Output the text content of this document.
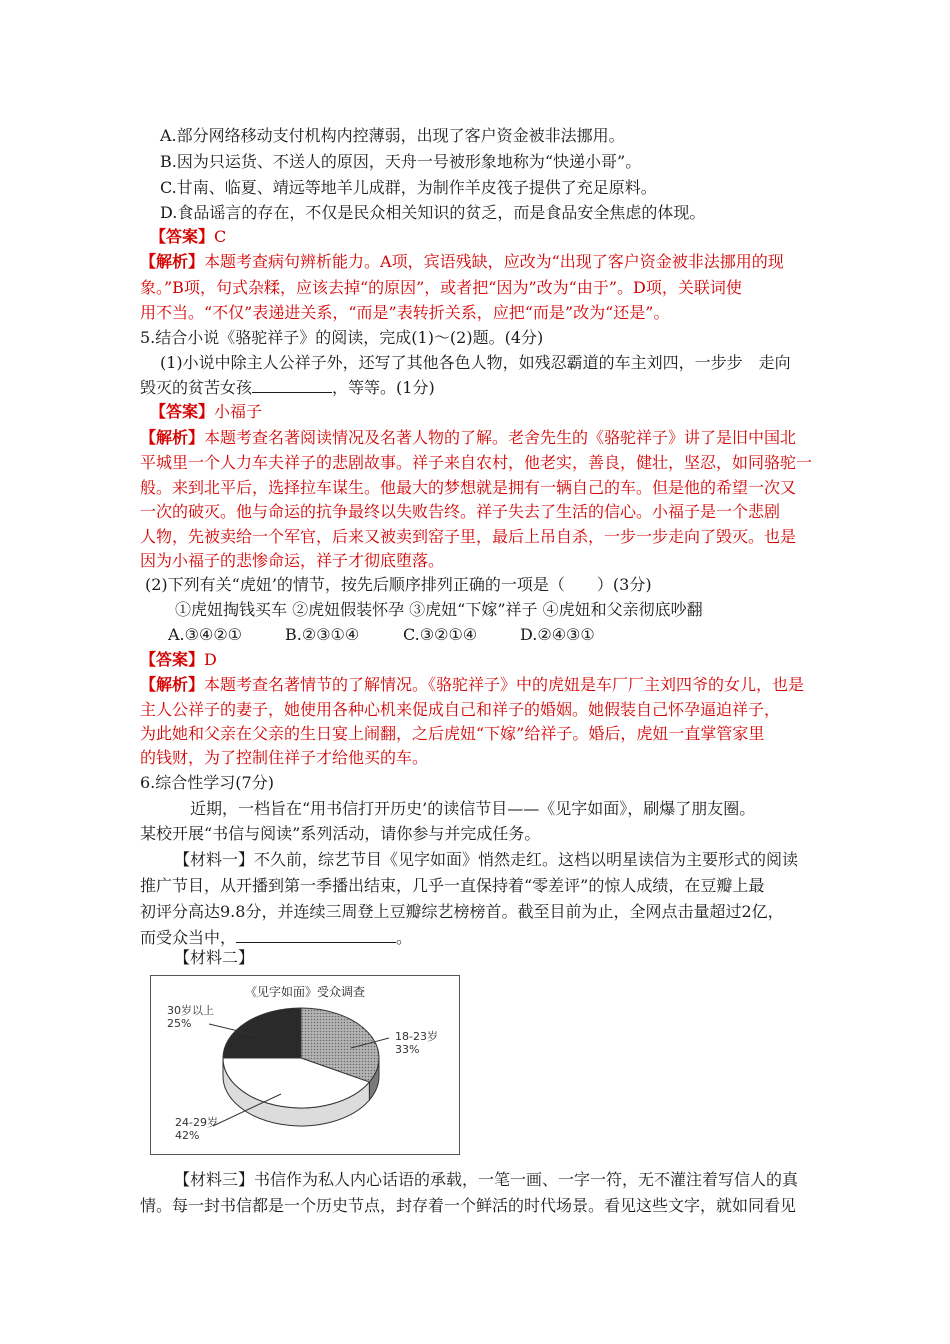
A.部分网络移动支付机构内控薄弱，出现了客户资金被非法挪用。
B.因为只运货、不送人的原因，天舟一号被形象地称为“快递小哥”。
C.甘南、临夏、靖远等地羊儿成群，为制作羊皮筏子提供了充足原料。
D.食品谣言的存在，不仅是民众相关知识的贫乏，而是食品安全焦虑的体现。
【答案】C
【解析】本题考查病句辨析能力。A项，宾语残缺，应改为“出现了客户资金被非法挪用的现
象。”B项，句式杂糅，应该去掉“的原因”，或者把“因为”改为“由于”。D项，关联词使
用不当。“不仅”表递进关系，“而是”表转折关系，应把“而是”改为“还是”。
5.结合小说《骆驼祥子》的阅读，完成(1)～(2)题。(4分)
(1)小说中除主人公祥子外，还写了其他各色人物，如残忍霸道的车主刘四，一步步　走向
毁灭的贫苦女孩	，等等。(1分)
【答案】小福子
【解析】本题考查名著阅读情况及名著人物的了解。老舍先生的《骆驼祥子》讲了是旧中国北
平城里一个人力车夫祥子的悲剧故事。祥子来自农村，他老实，善良，健壮，坚忍，如同骆驼一
般。来到北平后，选择拉车谋生。他最大的梦想就是拥有一辆自己的车。但是他的希望一次又
一次的破灭。他与命运的抗争最终以失败告终。祥子失去了生活的信心。小福子是一个悲剧
人物，先被卖给一个军官，后来又被卖到窑子里，最后上吊自杀，一步一步走向了毁灭。也是
因为小福子的悲惨命运，祥子才彻底堕落。
(2)下列有关“虎妞’的情节，按先后顺序排列正确的一项是（　　）(3分)
①虎妞掏钱买车 ②虎妞假装怀孕 ③虎妞“下嫁”祥子 ④虎妞和父亲彻底吵翻
A.③④②①	B.②③①④	C.③②①④	D.②④③①
【答案】D
【解析】本题考查名著情节的了解情况。《骆驼祥子》中的虎妞是车厂厂主刘四爷的女儿，也是
主人公祥子的妻子，她使用各种心机来促成自己和祥子的婚姻。她假装自己怀孕逼迫祥子，
为此她和父亲在父亲的生日宴上闹翻，之后虎妞“下嫁”给祥子。婚后，虎妞一直掌管家里
的钱财，为了控制住祥子才给他买的车。
6.综合性学习(7分)
近期，一档旨在“用书信打开历史’的读信节目——《见字如面》，刷爆了朋友圈。
某校开展“书信与阅读”系列活动，请你参与并完成任务。
【材料一】不久前，综艺节目《见字如面》悄然走红。这档以明星读信为主要形式的阅读
推广节目，从开播到第一季播出结束，几乎一直保持着“零差评”的惊人成绩，在豆瓣上最
初评分高达9.8分，并连续三周登上豆瓣综艺榜榜首。截至目前为止，全网点击量超过2亿，
而受众当中，	。
【材料二】
《见字如面》受众调查
30岁以上
25%
18-23岁
33%
24-29岁
42%
【材料三】书信作为私人内心话语的承载，一笔一画、一字一符，无不灌注着写信人的真
情。每一封书信都是一个历史节点，封存着一个鲜活的时代场景。看见这些文字，就如同看见
